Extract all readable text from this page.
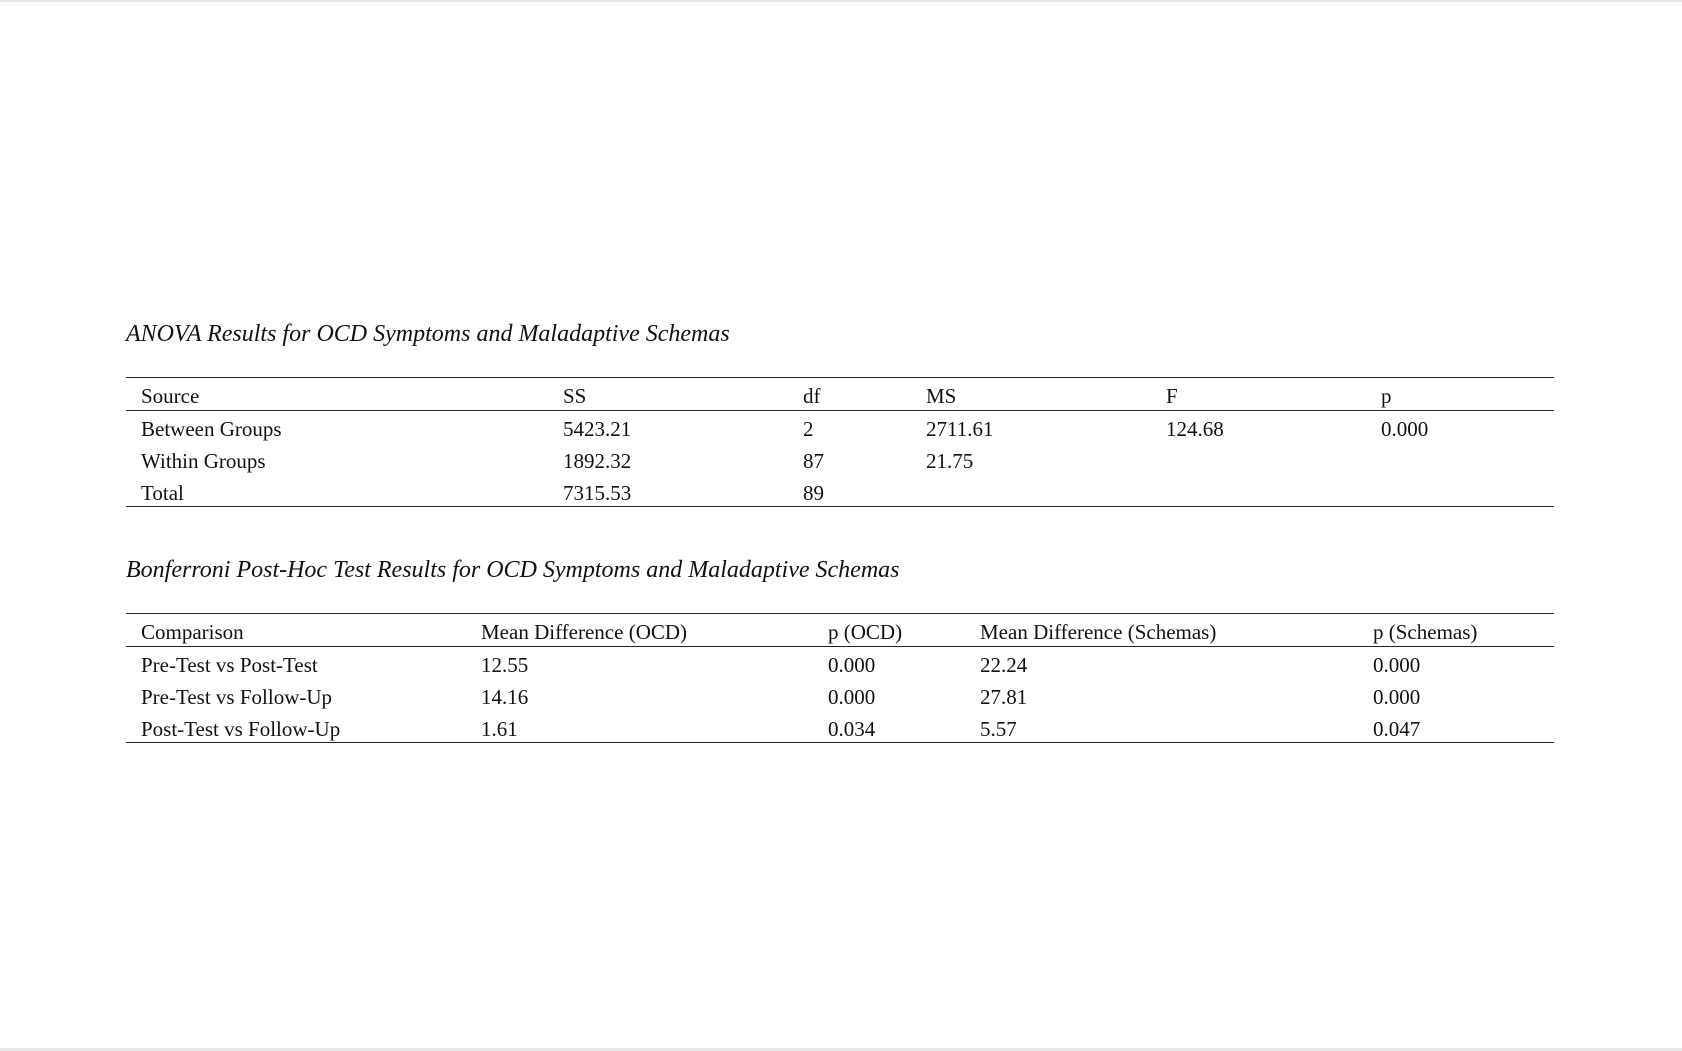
ANOVA Results for OCD Symptoms and Maladaptive Schemas

Source	SS	df	MS	F	p
Between Groups	5423.21	2	2711.61	124.68	0.000
Within Groups	1892.32	87	21.75
Total	7315.53	89

Bonferroni Post-Hoc Test Results for OCD Symptoms and Maladaptive Schemas

Comparison	Mean Difference (OCD)	p (OCD)	Mean Difference (Schemas)	p (Schemas)
Pre-Test vs Post-Test	12.55	0.000	22.24	0.000
Pre-Test vs Follow-Up	14.16	0.000	27.81	0.000
Post-Test vs Follow-Up	1.61	0.034	5.57	0.047
